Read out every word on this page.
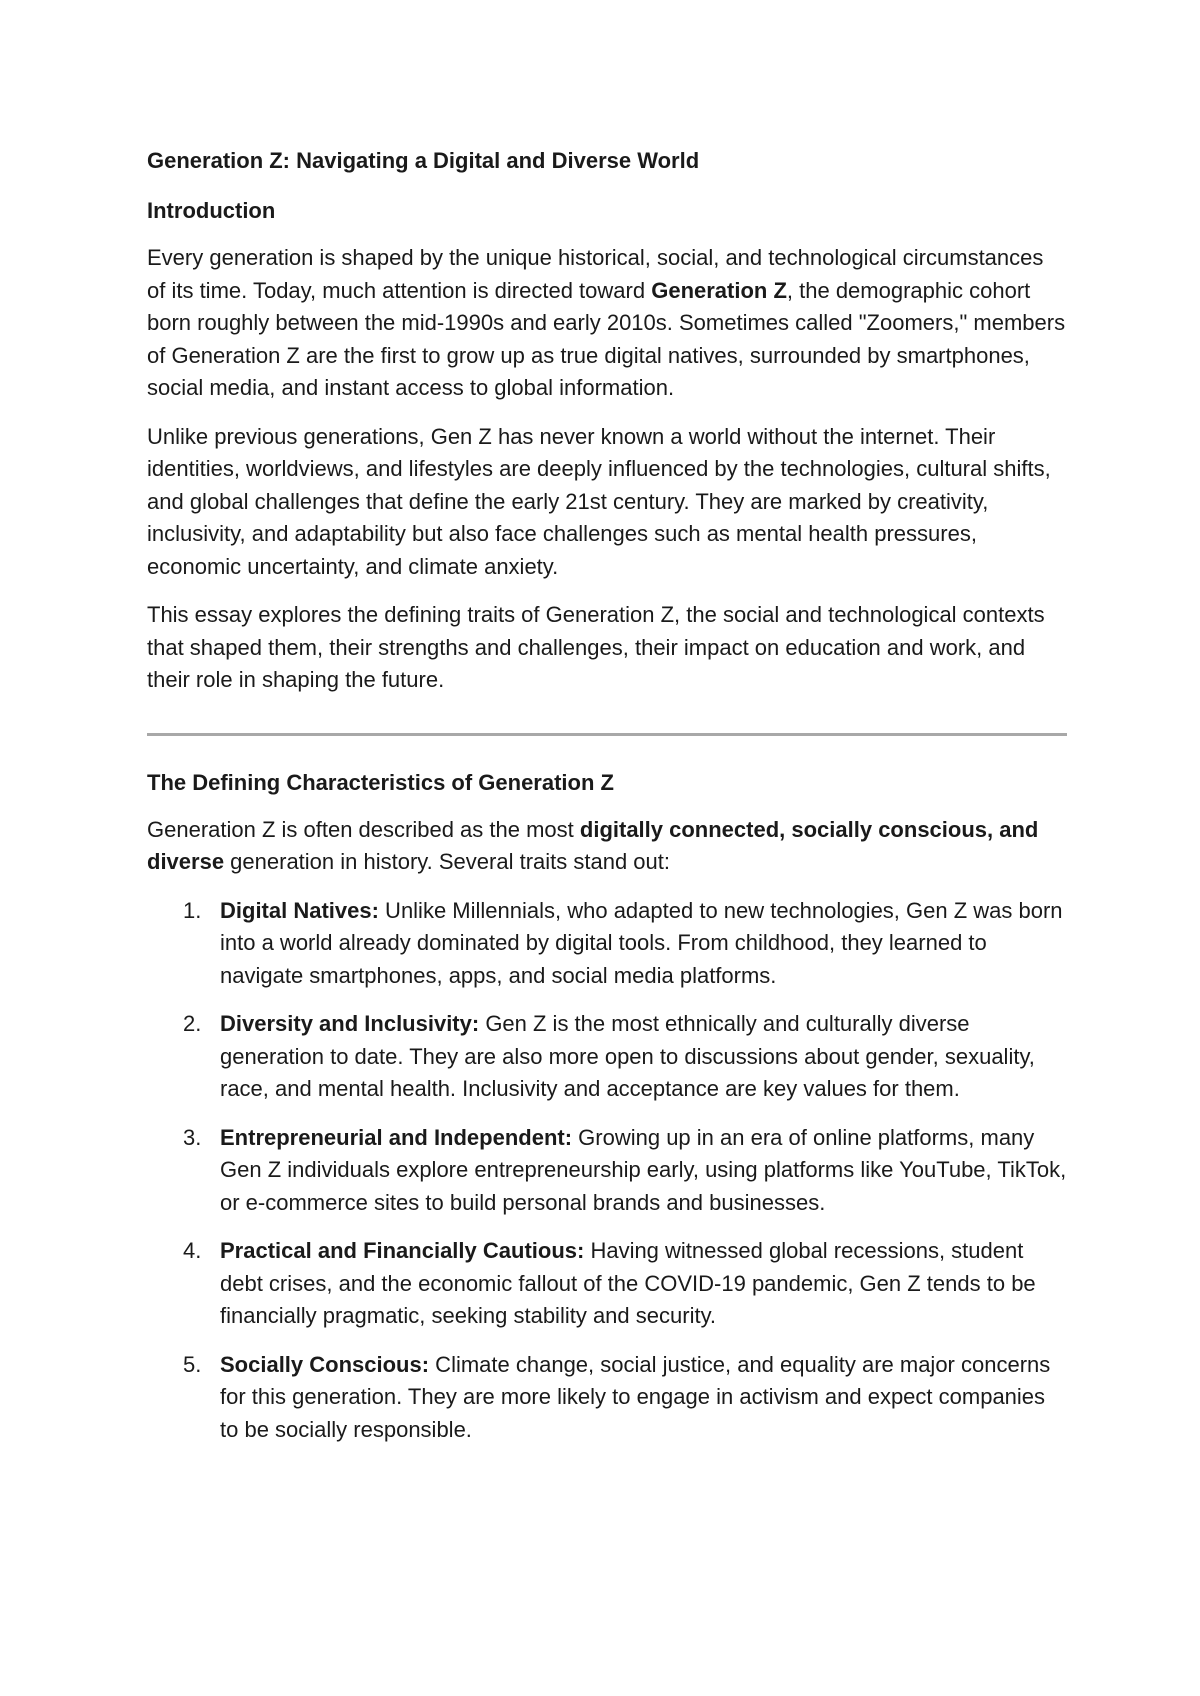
Generation Z: Navigating a Digital and Diverse World
Introduction

Every generation is shaped by the unique historical, social, and technological circumstances of its time. Today, much attention is directed toward Generation Z, the demographic cohort born roughly between the mid-1990s and early 2010s. Sometimes called "Zoomers," members of Generation Z are the first to grow up as true digital natives, surrounded by smartphones, social media, and instant access to global information.

Unlike previous generations, Gen Z has never known a world without the internet. Their identities, worldviews, and lifestyles are deeply influenced by the technologies, cultural shifts, and global challenges that define the early 21st century. They are marked by creativity, inclusivity, and adaptability but also face challenges such as mental health pressures, economic uncertainty, and climate anxiety.

This essay explores the defining traits of Generation Z, the social and technological contexts that shaped them, their strengths and challenges, their impact on education and work, and their role in shaping the future.

The Defining Characteristics of Generation Z

Generation Z is often described as the most digitally connected, socially conscious, and diverse generation in history. Several traits stand out:

1. Digital Natives: Unlike Millennials, who adapted to new technologies, Gen Z was born into a world already dominated by digital tools. From childhood, they learned to navigate smartphones, apps, and social media platforms.
2. Diversity and Inclusivity: Gen Z is the most ethnically and culturally diverse generation to date. They are also more open to discussions about gender, sexuality, race, and mental health. Inclusivity and acceptance are key values for them.
3. Entrepreneurial and Independent: Growing up in an era of online platforms, many Gen Z individuals explore entrepreneurship early, using platforms like YouTube, TikTok, or e-commerce sites to build personal brands and businesses.
4. Practical and Financially Cautious: Having witnessed global recessions, student debt crises, and the economic fallout of the COVID-19 pandemic, Gen Z tends to be financially pragmatic, seeking stability and security.
5. Socially Conscious: Climate change, social justice, and equality are major concerns for this generation. They are more likely to engage in activism and expect companies to be socially responsible.
